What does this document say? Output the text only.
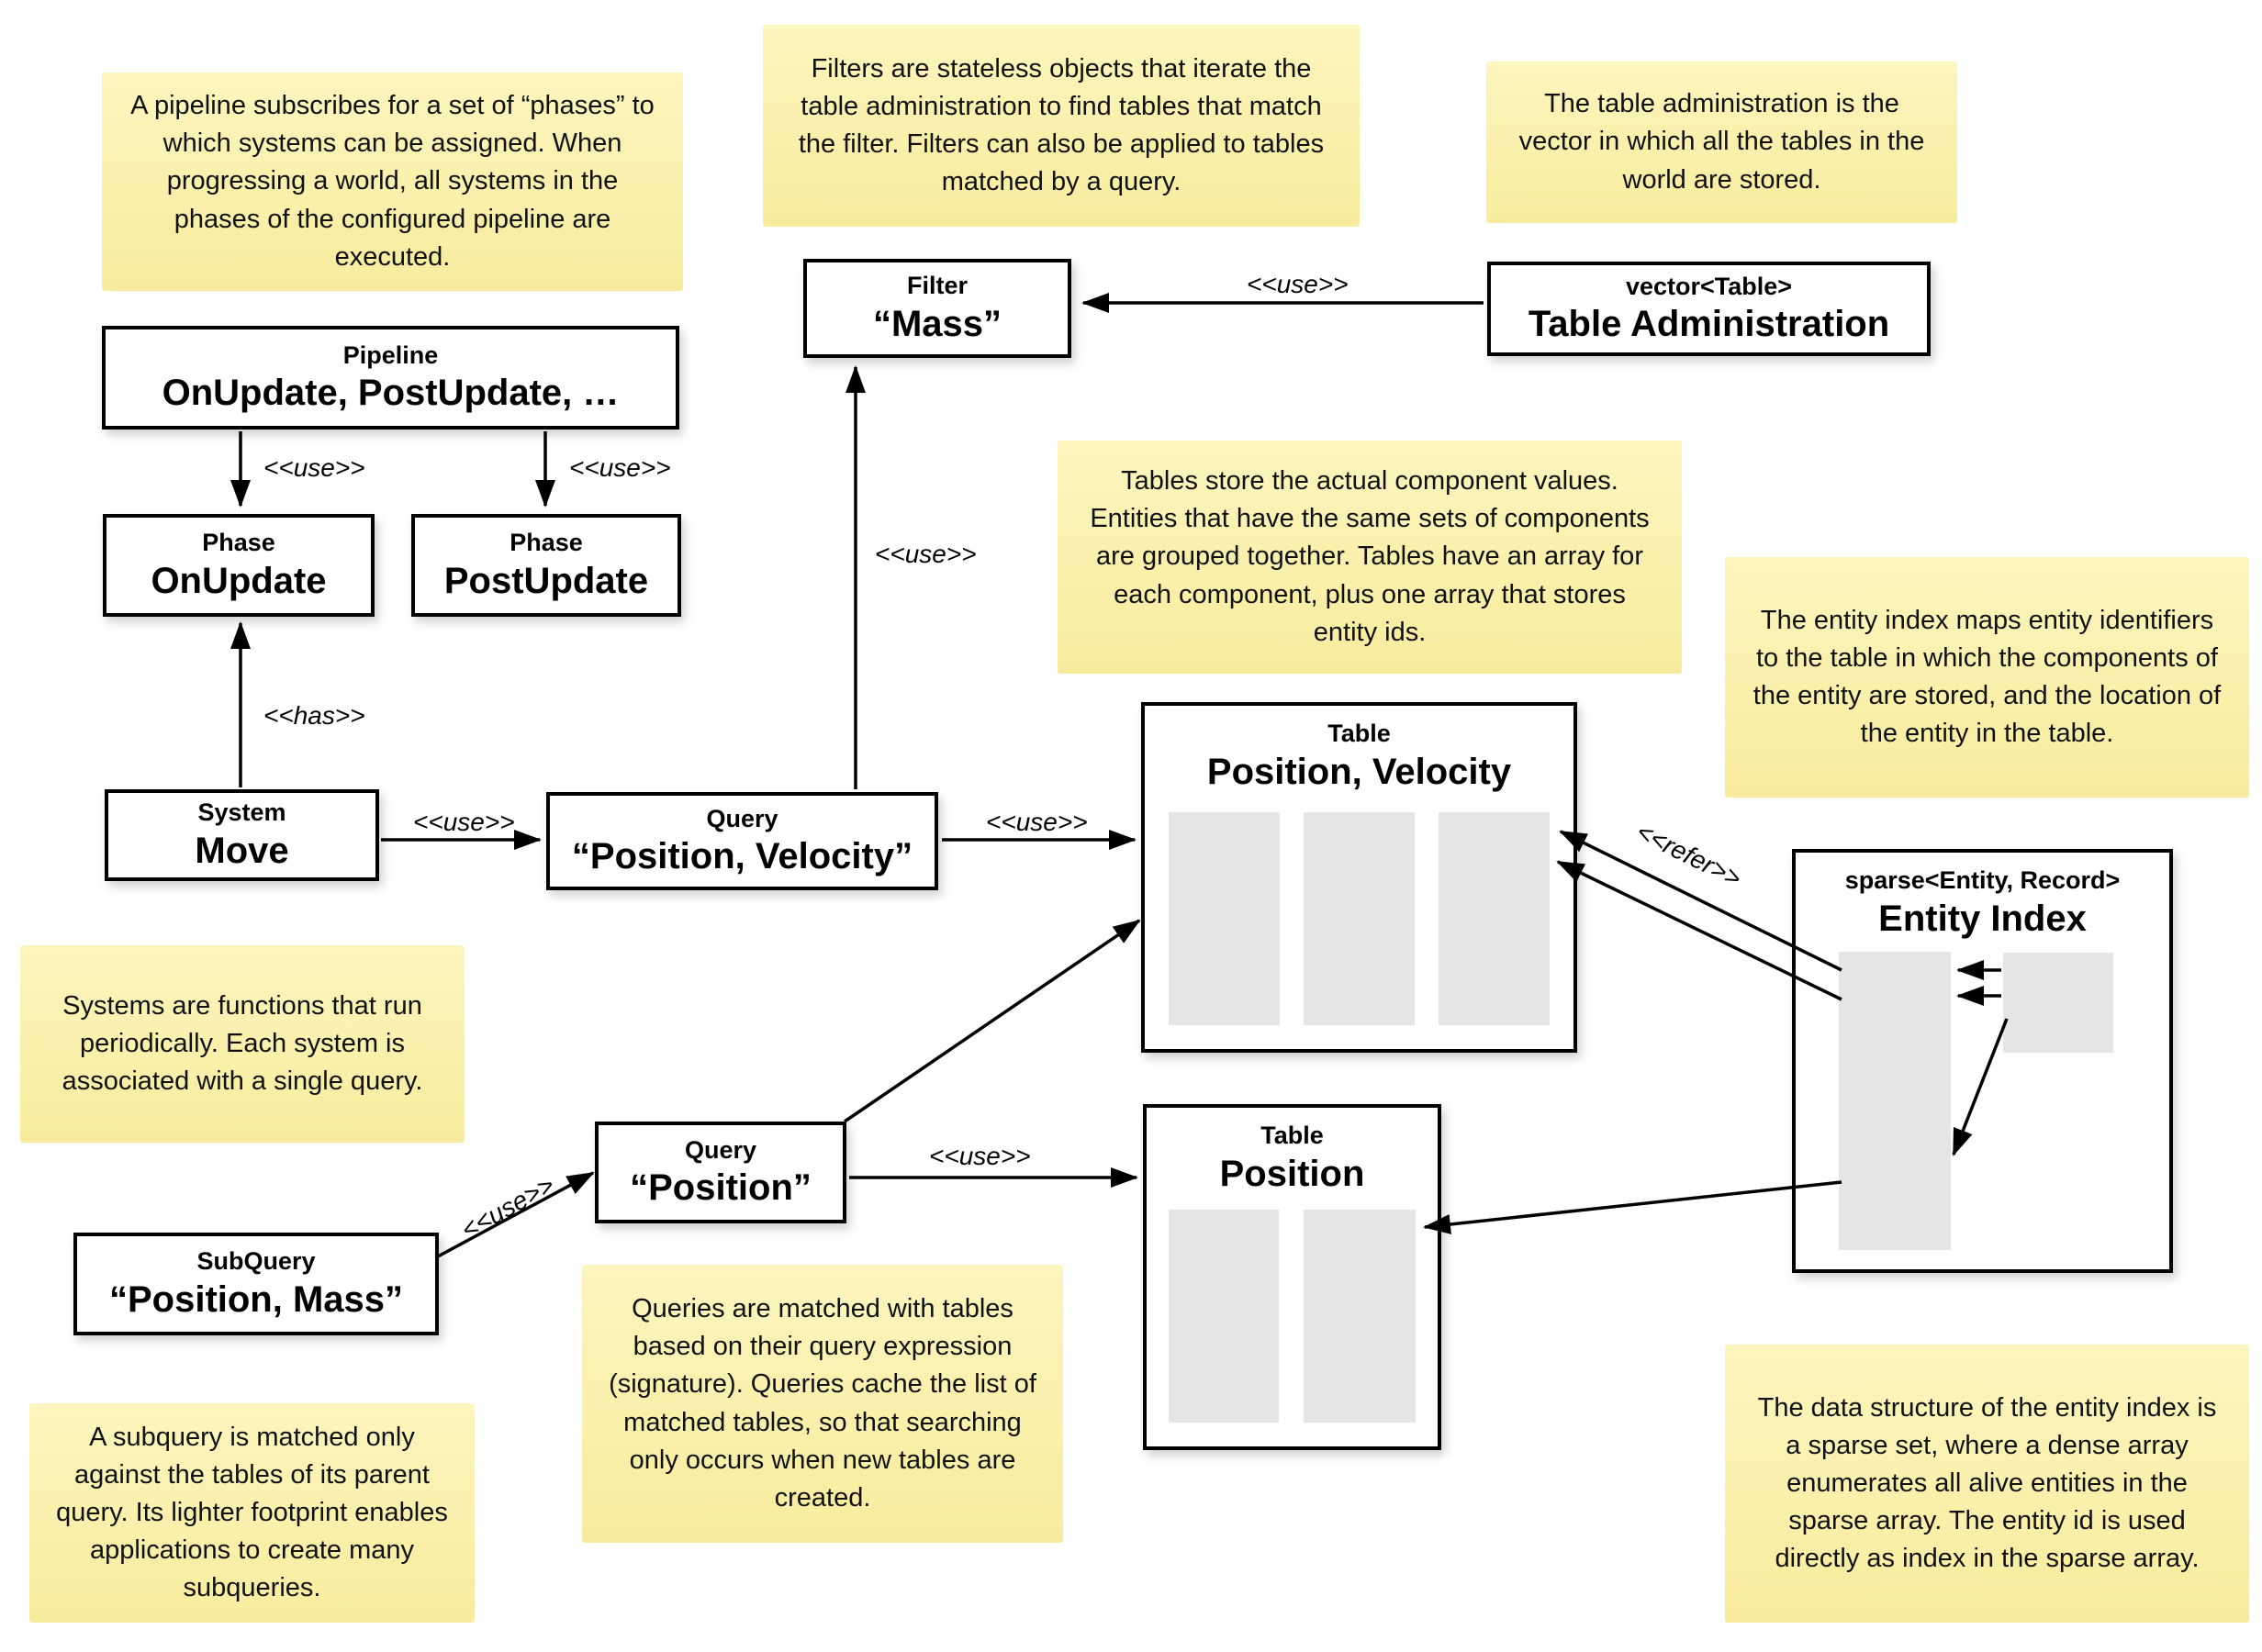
A pipeline subscribes for a set of “phases” to which systems can be assigned. When progressing a world, all systems in the phases of the configured pipeline are executed.
Filters are stateless objects that iterate the table administration to find tables that match the filter. Filters can also be applied to tables matched by a query.
The table administration is the vector in which all the tables in the world are stored.
Tables store the actual component values. Entities that have the same sets of components are grouped together. Tables have an array for each component, plus one array that stores entity ids.	The entity index maps entity identifiers to the table in which the components of the entity are stored, and the location of the entity in the table.
Systems are functions that run periodically. Each system is associated with a single query.
Queries are matched with tables based on their query expression (signature). Queries cache the list of matched tables, so that searching only occurs when new tables are created.
A subquery is matched only against the tables of its parent query. Its lighter footprint enables applications to create many subqueries.
The data structure of the entity index is a sparse set, where a dense array enumerates all alive entities in the sparse array. The entity id is used directly as index in the sparse array.
Pipeline
OnUpdate, PostUpdate, …
Filter
“Mass”
vector<Table>
Table Administration
Phase
OnUpdate
Phase
PostUpdate
System
Move
Query
“Position, Velocity”
Table
Position, Velocity
sparse<Entity, Record>
Entity Index
Query
“Position”
Table
Position
SubQuery
“Position, Mass”
<<use>>	<<use>>
<<has>>
<<use>>
<<use>>
<<use>>
<<use>>
<<use>>
<<use>>
<<refer>>
